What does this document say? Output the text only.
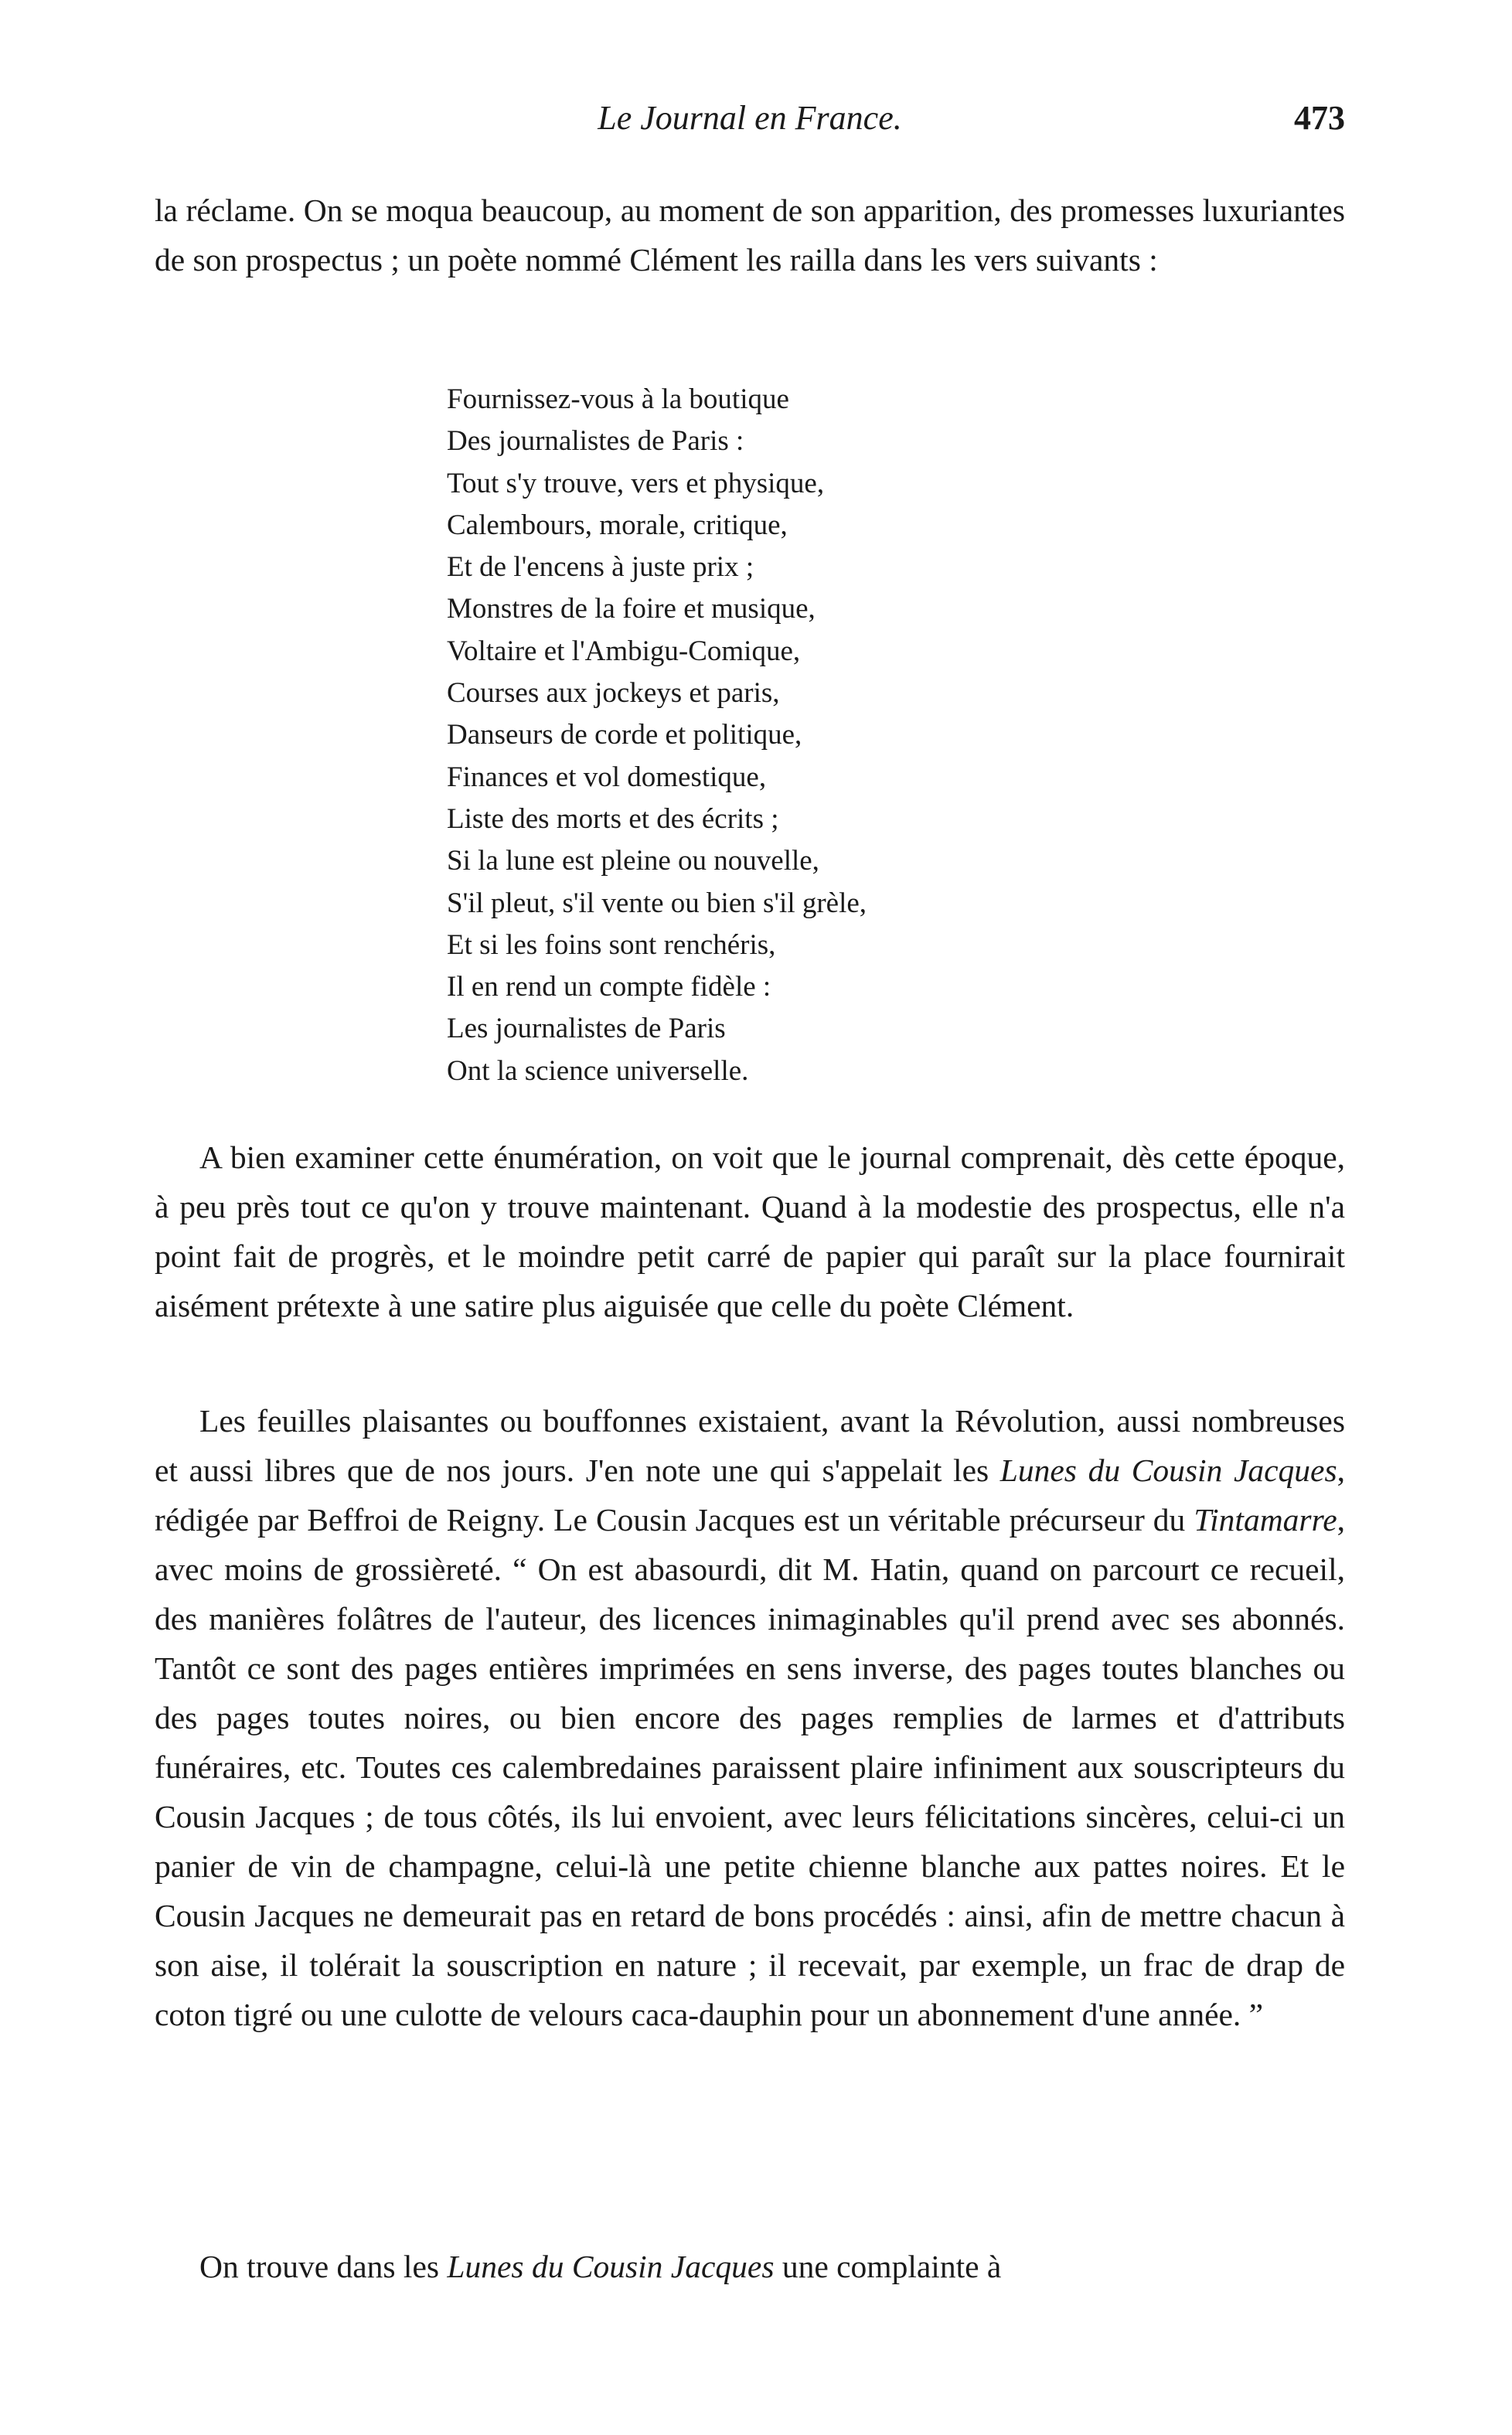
Le Journal en France.	473

la réclame. On se moqua beaucoup, au moment de son apparition, des promesses luxuriantes de son prospectus ; un poète nommé Clément les railla dans les vers suivants :

Fournissez-vous à la boutique
Des journalistes de Paris :
Tout s'y trouve, vers et physique,
Calembours, morale, critique,
Et de l'encens à juste prix ;
Monstres de la foire et musique,
Voltaire et l'Ambigu-Comique,
Courses aux jockeys et paris,
Danseurs de corde et politique,
Finances et vol domestique,
Liste des morts et des écrits ;
Si la lune est pleine ou nouvelle,
S'il pleut, s'il vente ou bien s'il grèle,
Et si les foins sont renchéris,
Il en rend un compte fidèle :
Les journalistes de Paris
Ont la science universelle.

A bien examiner cette énumération, on voit que le journal comprenait, dès cette époque, à peu près tout ce qu'on y trouve maintenant. Quand à la modestie des prospectus, elle n'a point fait de progrès, et le moindre petit carré de papier qui paraît sur la place fournirait aisément prétexte à une satire plus aiguisée que celle du poète Clément.

Les feuilles plaisantes ou bouffonnes existaient, avant la Révolution, aussi nombreuses et aussi libres que de nos jours. J'en note une qui s'appelait les Lunes du Cousin Jacques, rédigée par Beffroi de Reigny. Le Cousin Jacques est un véritable précurseur du Tintamarre, avec moins de grossièreté. “ On est abasourdi, dit M. Hatin, quand on parcourt ce recueil, des manières folâtres de l'auteur, des licences inimaginables qu'il prend avec ses abonnés. Tantôt ce sont des pages entières imprimées en sens inverse, des pages toutes blanches ou des pages toutes noires, ou bien encore des pages remplies de larmes et d'attributs funéraires, etc. Toutes ces calembredaines paraissent plaire infiniment aux souscripteurs du Cousin Jacques ; de tous côtés, ils lui envoient, avec leurs félicitations sincères, celui-ci un panier de vin de champagne, celui-là une petite chienne blanche aux pattes noires. Et le Cousin Jacques ne demeurait pas en retard de bons procédés : ainsi, afin de mettre chacun à son aise, il tolérait la souscription en nature ; il recevait, par exemple, un frac de drap de coton tigré ou une culotte de velours caca-dauphin pour un abonnement d'une année. ”

On trouve dans les Lunes du Cousin Jacques une complainte à
